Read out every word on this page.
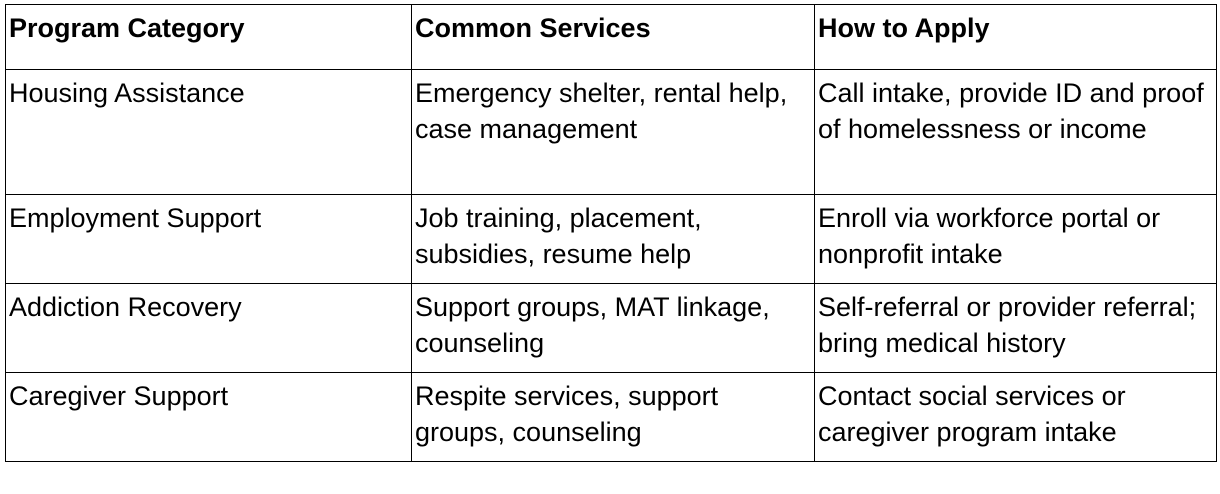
Program Category	Common Services	How to Apply
Housing Assistance	Emergency shelter, rental help, case management	Call intake, provide ID and proof of homelessness or income
Employment Support	Job training, placement, subsidies, resume help	Enroll via workforce portal or nonprofit intake
Addiction Recovery	Support groups, MAT linkage, counseling	Self-referral or provider referral; bring medical history
Caregiver Support	Respite services, support groups, counseling	Contact social services or caregiver program intake
